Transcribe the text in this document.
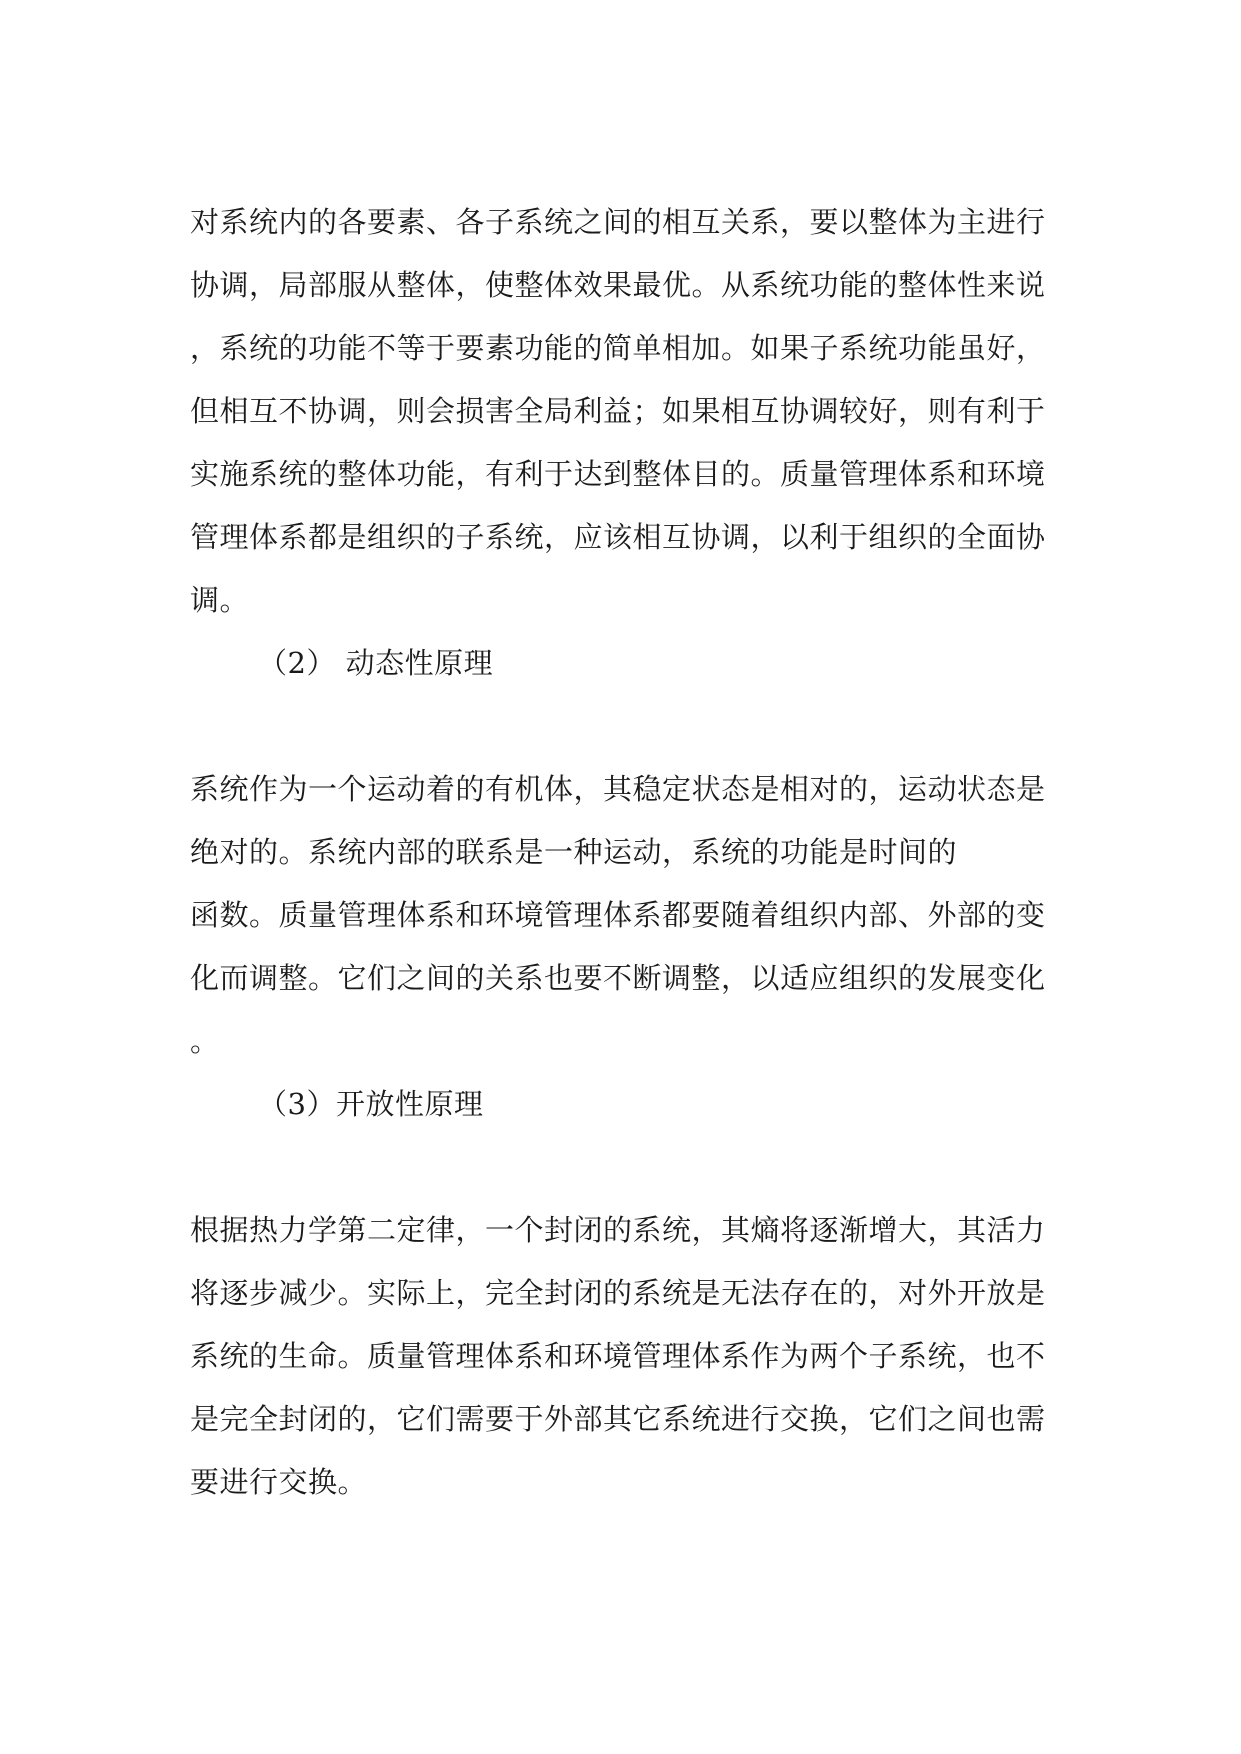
对系统内的各要素、各子系统之间的相互关系，要以整体为主进行
协调，局部服从整体，使整体效果最优。从系统功能的整体性来说
，系统的功能不等于要素功能的简单相加。如果子系统功能虽好，
但相互不协调，则会损害全局利益；如果相互协调较好，则有利于
实施系统的整体功能，有利于达到整体目的。质量管理体系和环境
管理体系都是组织的子系统，应该相互协调，以利于组织的全面协
调。
（2） 动态性原理
系统作为一个运动着的有机体，其稳定状态是相对的，运动状态是
绝对的。系统内部的联系是一种运动，系统的功能是时间的
函数。质量管理体系和环境管理体系都要随着组织内部、外部的变
化而调整。它们之间的关系也要不断调整，以适应组织的发展变化
。
（3）开放性原理
根据热力学第二定律，一个封闭的系统，其熵将逐渐增大，其活力
将逐步减少。实际上，完全封闭的系统是无法存在的，对外开放是
系统的生命。质量管理体系和环境管理体系作为两个子系统，也不
是完全封闭的，它们需要于外部其它系统进行交换，它们之间也需
要进行交换。
